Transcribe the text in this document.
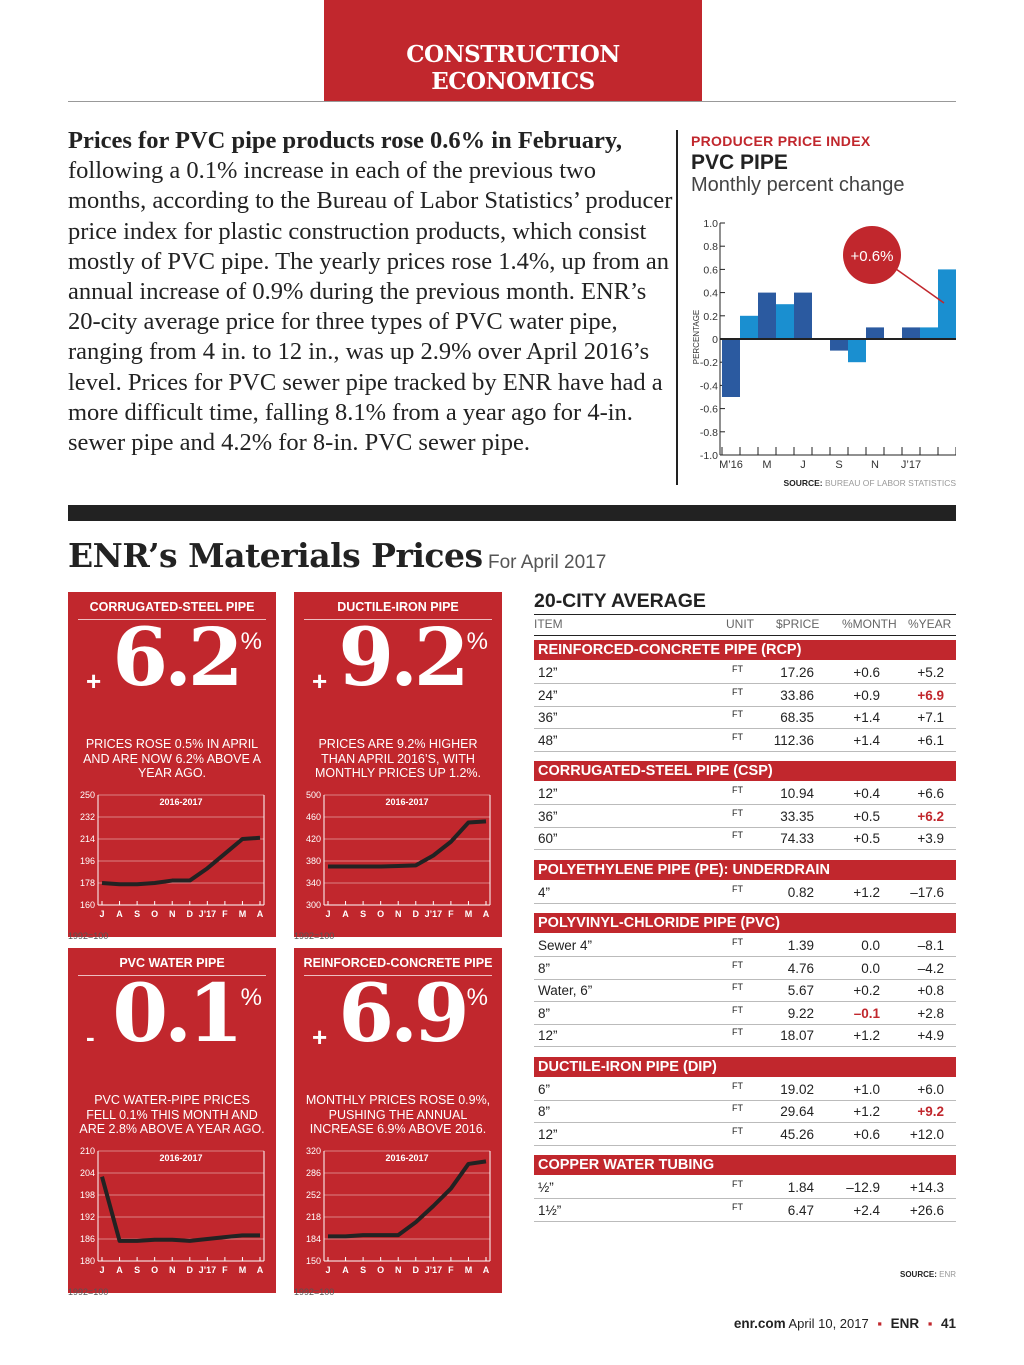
CONSTRUCTION ECONOMICS
Prices for PVC pipe products rose 0.6% in February, following a 0.1% increase in each of the previous two months, according to the Bureau of Labor Statistics’ producer price index for plastic construction products, which consist mostly of PVC pipe. The yearly prices rose 1.4%, up from an annual increase of 0.9% during the previous month. ENR’s 20-city average price for three types of PVC water pipe, ranging from 4 in. to 12 in., was up 2.9% over April 2016’s level. Prices for PVC sewer pipe tracked by ENR have had a more difficult time, falling 8.1% from a year ago for 4-in. sewer pipe and 4.2% for 8-in. PVC sewer pipe.
PRODUCER PRICE INDEX
PVC PIPE
Monthly percent change
1.0
0.8
0.6
0.4
0.2
0
-0.2
-0.4
-0.6
-0.8
-1.0
PERCENTAGE
M’16 M	J	S	N J’17
+0.6%
SOURCE: BUREAU OF LABOR STATISTICS
ENR’s Materials Prices For April 2017
CORRUGATED-STEEL PIPE
+ 6.2 %
PRICES ROSE 0.5% IN APRIL AND ARE NOW 6.2% ABOVE A YEAR AGO.
250
232
214
196
178
160
J A S O N D J’17 F M A
2016-2017
1992=100
DUCTILE-IRON PIPE
+ 9.2 %
PRICES ARE 9.2% HIGHER THAN APRIL 2016’S, WITH MONTHLY PRICES UP 1.2%.
500
460
420
380
340
300
J A S O N D J’17 F M A
2016-2017
1992=100
PVC WATER PIPE
- 0.1 %
PVC WATER-PIPE PRICES FELL 0.1% THIS MONTH AND ARE 2.8% ABOVE A YEAR AGO.
210
204
198
192
186
180
J A S O N D J’17 F M A
2016-2017
1992=100
REINFORCED-CONCRETE PIPE
+ 6.9 %
MONTHLY PRICES ROSE 0.9%, PUSHING THE ANNUAL INCREASE 6.9% ABOVE 2016.
320
286
252
218
184
150
J A S O N D J’17 F M A
2016-2017
1992=100
20-CITY AVERAGE
ITEM	UNIT $PRICE %MONTH %YEAR
REINFORCED-CONCRETE PIPE (RCP)
12”	FT	17.26	+0.6	+5.2
24”	FT	33.86	+0.9	+6.9
36”	FT	68.35	+1.4	+7.1
48”	FT 112.36	+1.4	+6.1
CORRUGATED-STEEL PIPE (CSP)
12”	FT	10.94	+0.4	+6.6
36”	FT	33.35	+0.5	+6.2
60”	FT	74.33	+0.5	+3.9
POLYETHYLENE PIPE (PE): UNDERDRAIN
4”	FT	0.82	+1.2 –17.6
POLYVINYL-CHLORIDE PIPE (PVC)
Sewer 4”	FT	1.39	0.0	–8.1
8”	FT	4.76	0.0	–4.2
Water, 6”	FT	5.67	+0.2	+0.8
8”	FT	9.22	–0.1	+2.8
12”	FT	18.07	+1.2	+4.9
DUCTILE-IRON PIPE (DIP)
6”	FT	19.02	+1.0	+6.0
8”	FT	29.64	+1.2	+9.2
12”	FT	45.26	+0.6 +12.0
COPPER WATER TUBING
½”	FT	1.84 –12.9 +14.3
1½”	FT	6.47	+2.4 +26.6
SOURCE: ENR
enr.com April 10, 2017 ▪ ENR ▪ 41
